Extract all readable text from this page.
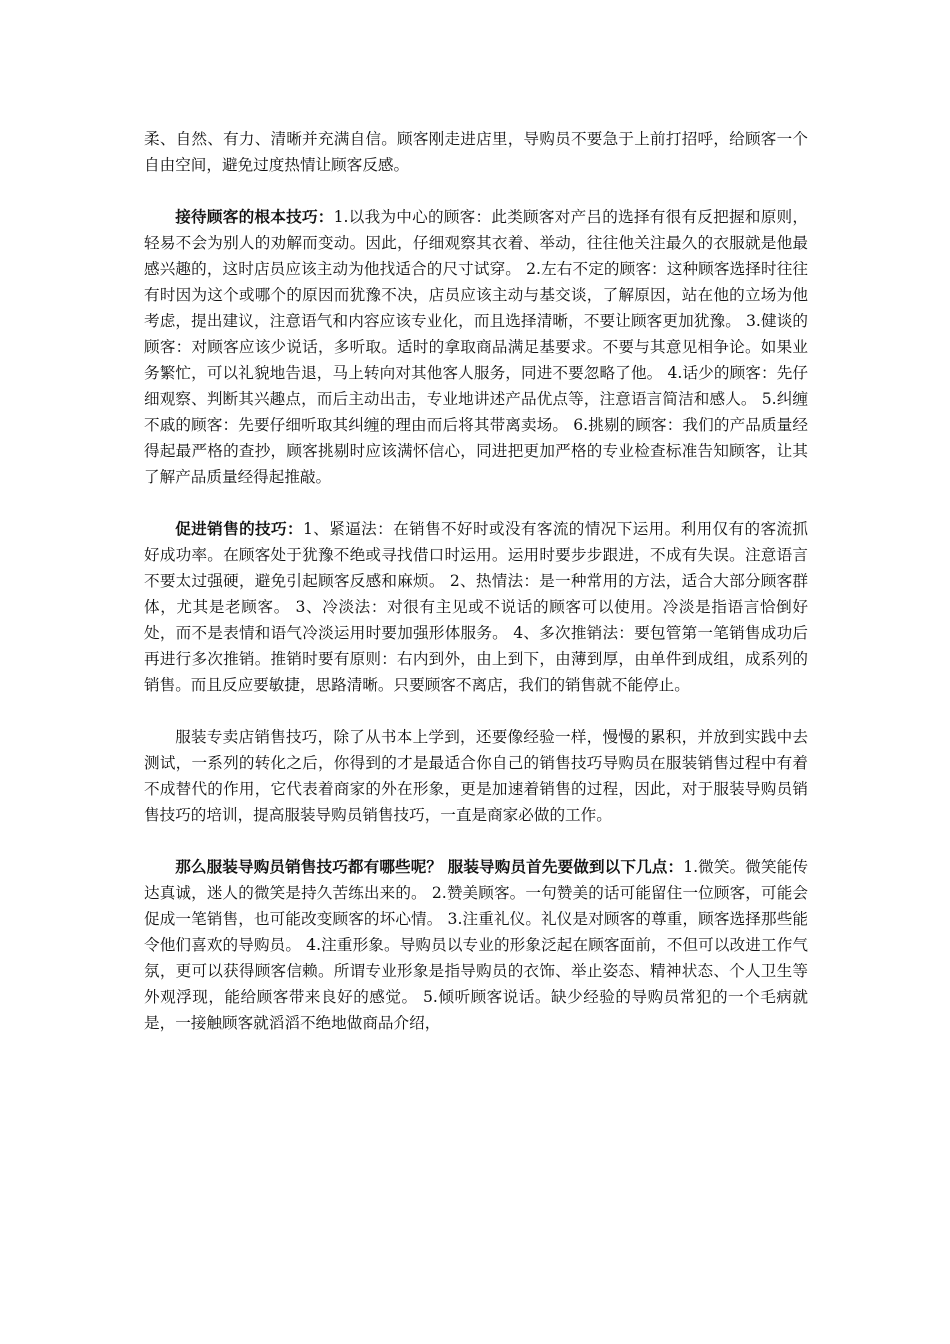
柔、自然、有力、清晰并充满自信。顾客刚走进店里，导购员不要急于上前打招呼，给顾客一个自由空间，避免过度热情让顾客反感。

接待顾客的根本技巧：1.以我为中心的顾客：此类顾客对产吕的选择有很有反把握和原则，轻易不会为别人的劝解而变动。因此，仔细观察其衣着、举动，往往他关注最久的衣服就是他最感兴趣的，这时店员应该主动为他找适合的尺寸试穿。 2.左右不定的顾客：这种顾客选择时往往有时因为这个或哪个的原因而犹豫不决，店员应该主动与基交谈，了解原因，站在他的立场为他考虑，提出建议，注意语气和内容应该专业化，而且选择清晰，不要让顾客更加犹豫。 3.健谈的顾客：对顾客应该少说话，多听取。适时的拿取商品满足基要求。不要与其意见相争论。如果业务繁忙，可以礼貌地告退，马上转向对其他客人服务，同进不要忽略了他。 4.话少的顾客：先仔细观察、判断其兴趣点，而后主动出击，专业地讲述产品优点等，注意语言简洁和感人。 5.纠缠不戚的顾客：先要仔细听取其纠缠的理由而后将其带离卖场。 6.挑剔的顾客：我们的产品质量经得起最严格的查抄，顾客挑剔时应该满怀信心，同进把更加严格的专业检查标准告知顾客，让其了解产品质量经得起推敲。

促进销售的技巧：1、紧逼法：在销售不好时或没有客流的情况下运用。利用仅有的客流抓好成功率。在顾客处于犹豫不绝或寻找借口时运用。运用时要步步跟进，不成有失误。注意语言不要太过强硬，避免引起顾客反感和麻烦。 2、热情法：是一种常用的方法，适合大部分顾客群体，尤其是老顾客。 3、冷淡法：对很有主见或不说话的顾客可以使用。冷淡是指语言恰倒好处，而不是表情和语气冷淡运用时要加强形体服务。 4、多次推销法：要包管第一笔销售成功后再进行多次推销。推销时要有原则：右内到外，由上到下，由薄到厚，由单件到成组，成系列的销售。而且反应要敏捷，思路清晰。只要顾客不离店，我们的销售就不能停止。

服装专卖店销售技巧，除了从书本上学到，还要像经验一样，慢慢的累积，并放到实践中去测试，一系列的转化之后，你得到的才是最适合你自己的销售技巧导购员在服装销售过程中有着不成替代的作用，它代表着商家的外在形象，更是加速着销售的过程，因此，对于服装导购员销售技巧的培训，提高服装导购员销售技巧，一直是商家必做的工作。

那么服装导购员销售技巧都有哪些呢？ 服装导购员首先要做到以下几点：1.微笑。微笑能传达真诚，迷人的微笑是持久苦练出来的。 2.赞美顾客。一句赞美的话可能留住一位顾客，可能会促成一笔销售，也可能改变顾客的坏心情。 3.注重礼仪。礼仪是对顾客的尊重，顾客选择那些能令他们喜欢的导购员。 4.注重形象。导购员以专业的形象泛起在顾客面前，不但可以改进工作气氛，更可以获得顾客信赖。所谓专业形象是指导购员的衣饰、举止姿态、精神状态、个人卫生等外观浮现，能给顾客带来良好的感觉。 5.倾听顾客说话。缺少经验的导购员常犯的一个毛病就是，一接触顾客就滔滔不绝地做商品介绍，
